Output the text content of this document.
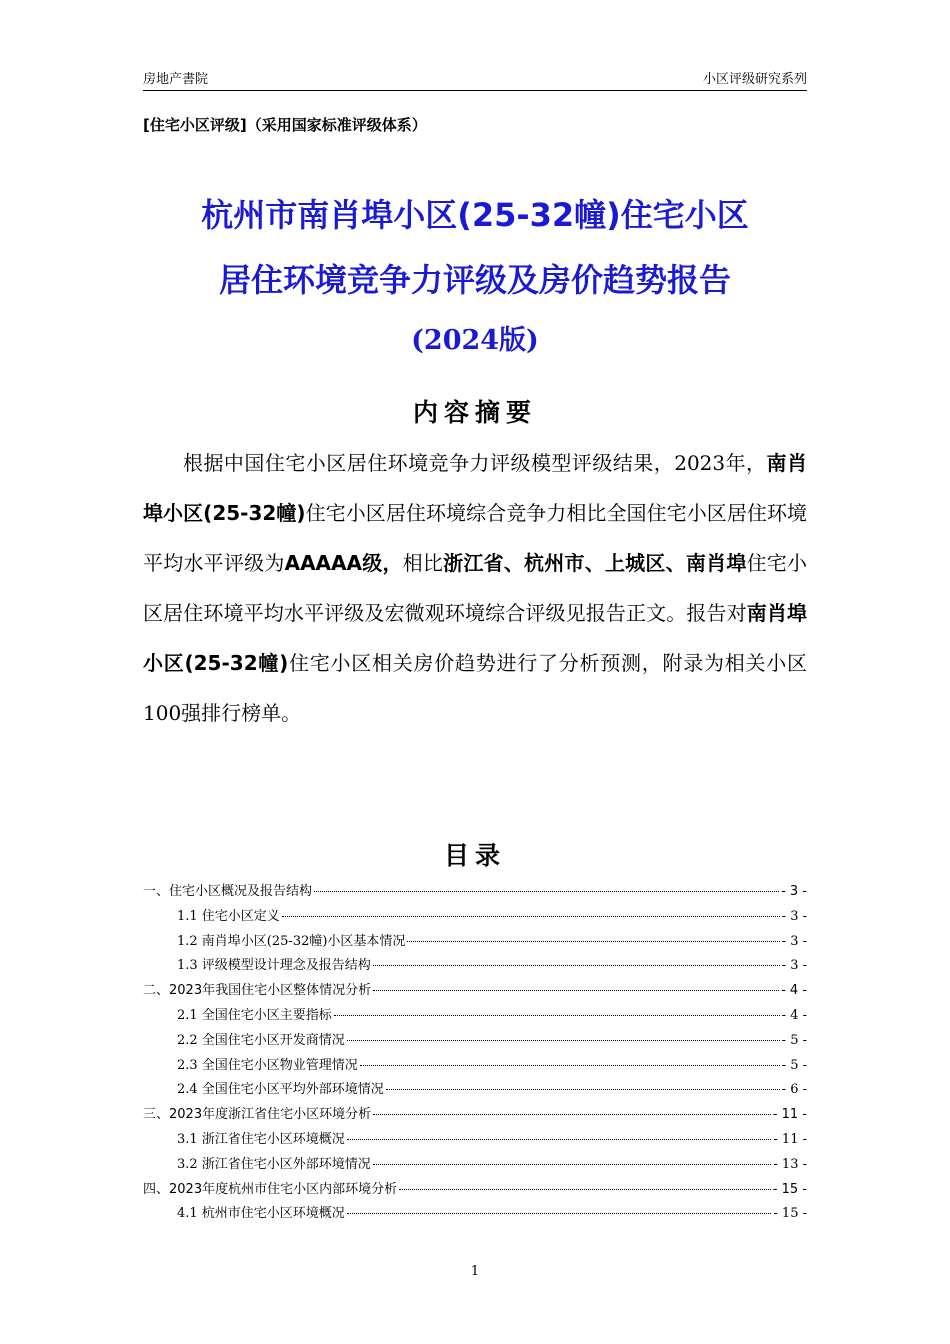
房地产書院	小区评级研究系列
[住宅小区评级]（采用国家标准评级体系）
杭州市南肖埠小区(25-32幢)住宅小区
居住环境竞争力评级及房价趋势报告
(2024版)
内容摘要
根据中国住宅小区居住环境竞争力评级模型评级结果，2023年，南肖埠小区(25-32幢)住宅小区居住环境综合竞争力相比全国住宅小区居住环境平均水平评级为AAAAA级，相比浙江省、杭州市、上城区、南肖埠住宅小区居住环境平均水平评级及宏微观环境综合评级见报告正文。报告对南肖埠小区(25-32幢)住宅小区相关房价趋势进行了分析预测，附录为相关小区100强排行榜单。
目录
一、住宅小区概况及报告结构	- 3 -
1.1 住宅小区定义	- 3 -
1.2 南肖埠小区(25-32幢)小区基本情况	- 3 -
1.3 评级模型设计理念及报告结构	- 3 -
二、2023年我国住宅小区整体情况分析	- 4 -
2.1 全国住宅小区主要指标	- 4 -
2.2 全国住宅小区开发商情况	- 5 -
2.3 全国住宅小区物业管理情况	- 5 -
2.4 全国住宅小区平均外部环境情况	- 6 -
三、2023年度浙江省住宅小区环境分析	- 11 -
3.1 浙江省住宅小区环境概况	- 11 -
3.2 浙江省住宅小区外部环境情况	- 13 -
四、2023年度杭州市住宅小区内部环境分析	- 15 -
4.1 杭州市住宅小区环境概况	- 15 -
1
